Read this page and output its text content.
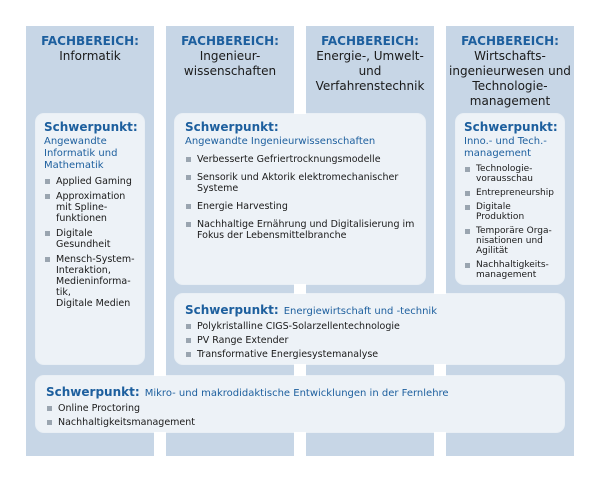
FACHBEREICH:
Informatik
FACHBEREICH:
Ingenieur-
wissenschaften
FACHBEREICH:
Energie-, Umwelt- und
Verfahrenstechnik
FACHBEREICH:
Wirtschafts-
ingenieurwesen und
Technologie-
management
Schwerpunkt:
Angewandte
Informatik und
Mathematik
Applied Gaming
Approximation
mit Spline-
funktionen
Digitale
Gesundheit
Mensch-System-
Interaktion,
Medieninforma-
tik,
Digitale Medien
Schwerpunkt:
Angewandte Ingenieurwissenschaften
Verbesserte Gefriertrocknungsmodelle
Sensorik und Aktorik elektromechanischer
Systeme
Energie Harvesting
Nachhaltige Ernährung und Digitalisierung im
Fokus der Lebensmittelbranche
Schwerpunkt:
Inno.- und Tech.-
management
Technologie-
vorausschau
Entrepreneurship
Digitale
Produktion
Temporäre Orga-
nisationen und
Agilität
Nachhaltigkeits-
management
Schwerpunkt: Energiewirtschaft und -technik
Polykristalline CIGS-Solarzellentechnologie
PV Range Extender
Transformative Energiesystemanalyse
Schwerpunkt: Mikro- und makrodidaktische Entwicklungen in der Fernlehre
Online Proctoring
Nachhaltigkeitsmanagement
